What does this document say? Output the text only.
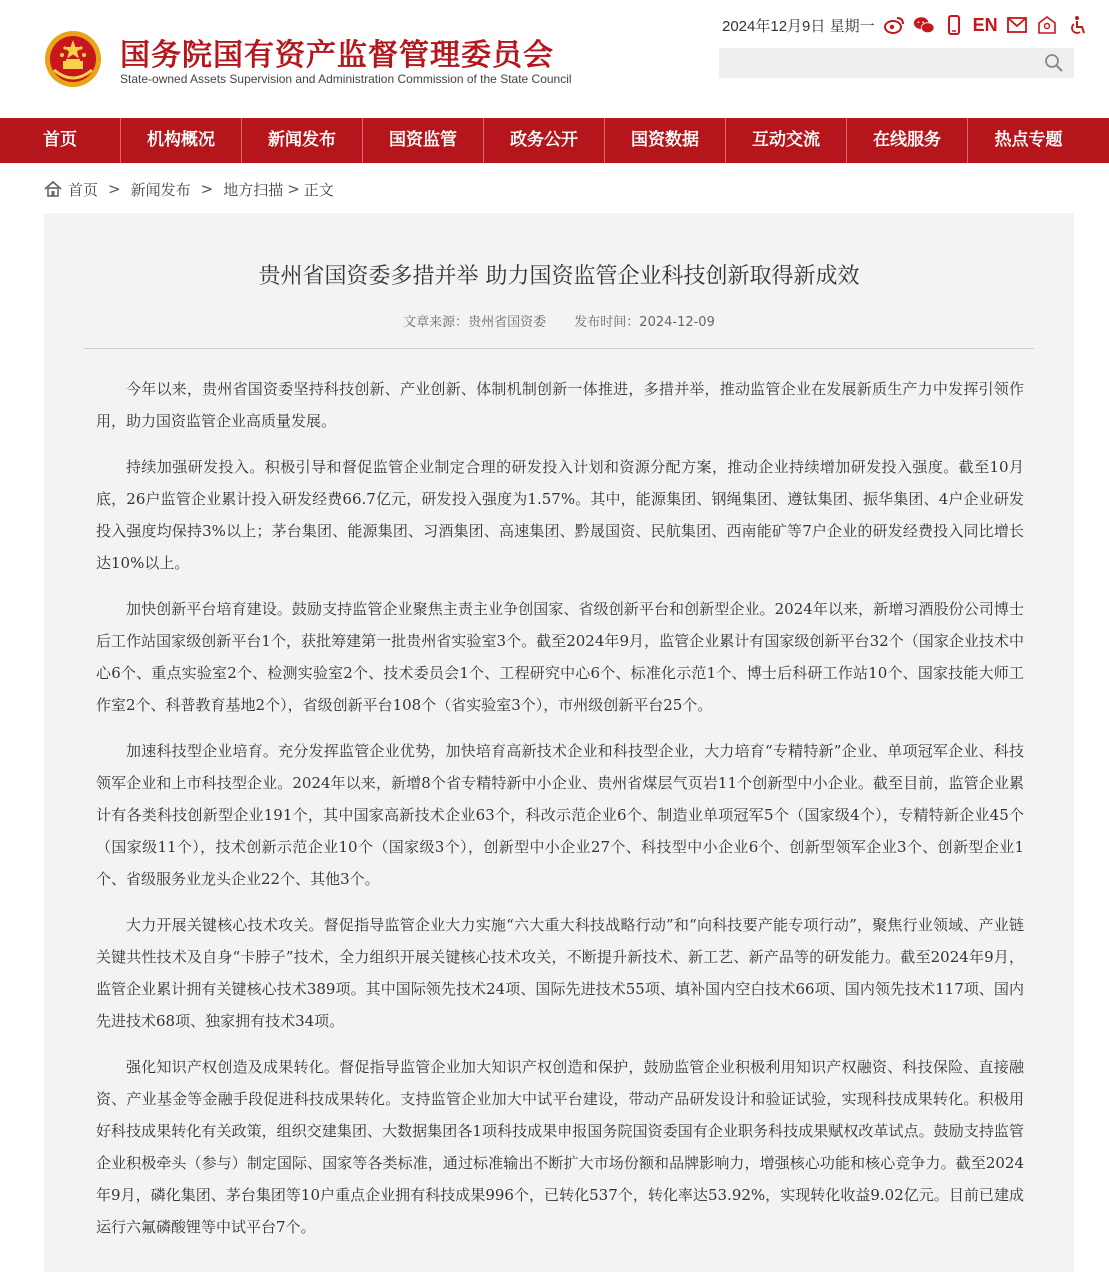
国务院国有资产监督管理委员会
State-owned Assets Supervision and Administration Commission of the State Council
2024年12月9日 星期一	EN
首页	机构概况	新闻发布	国资监管	政务公开	国资数据	互动交流	在线服务	热点专题
首页 > 新闻发布 > 地方扫描 > 正文
贵州省国资委多措并举 助力国资监管企业科技创新取得新成效
文章来源：贵州省国资委 发布时间：2024-12-09

今年以来，贵州省国资委坚持科技创新、产业创新、体制机制创新一体推进，多措并举，推动监管企业在发展新质生产力中发挥引领作用，助力国资监管企业高质量发展。

持续加强研发投入。积极引导和督促监管企业制定合理的研发投入计划和资源分配方案，推动企业持续增加研发投入强度。截至10月底，26户监管企业累计投入研发经费66.7亿元，研发投入强度为1.57%。其中，能源集团、钢绳集团、遵钛集团、振华集团、4户企业研发投入强度均保持3%以上；茅台集团、能源集团、习酒集团、高速集团、黔晟国资、民航集团、西南能矿等7户企业的研发经费投入同比增长达10%以上。

加快创新平台培育建设。鼓励支持监管企业聚焦主责主业争创国家、省级创新平台和创新型企业。2024年以来，新增习酒股份公司博士后工作站国家级创新平台1个，获批筹建第一批贵州省实验室3个。截至2024年9月，监管企业累计有国家级创新平台32个（国家企业技术中心6个、重点实验室2个、检测实验室2个、技术委员会1个、工程研究中心6个、标准化示范1个、博士后科研工作站10个、国家技能大师工作室2个、科普教育基地2个），省级创新平台108个（省实验室3个），市州级创新平台25个。

加速科技型企业培育。充分发挥监管企业优势，加快培育高新技术企业和科技型企业，大力培育“专精特新”企业、单项冠军企业、科技领军企业和上市科技型企业。2024年以来，新增8个省专精特新中小企业、贵州省煤层气页岩11个创新型中小企业。截至目前，监管企业累计有各类科技创新型企业191个，其中国家高新技术企业63个，科改示范企业6个、制造业单项冠军5个（国家级4个），专精特新企业45个（国家级11个），技术创新示范企业10个（国家级3个），创新型中小企业27个、科技型中小企业6个、创新型领军企业3个、创新型企业1个、省级服务业龙头企业22个、其他3个。

大力开展关键核心技术攻关。督促指导监管企业大力实施“六大重大科技战略行动”和“向科技要产能专项行动”，聚焦行业领域、产业链关键共性技术及自身“卡脖子”技术，全力组织开展关键核心技术攻关，不断提升新技术、新工艺、新产品等的研发能力。截至2024年9月，监管企业累计拥有关键核心技术389项。其中国际领先技术24项、国际先进技术55项、填补国内空白技术66项、国内领先技术117项、国内先进技术68项、独家拥有技术34项。

强化知识产权创造及成果转化。督促指导监管企业加大知识产权创造和保护，鼓励监管企业积极利用知识产权融资、科技保险、直接融资、产业基金等金融手段促进科技成果转化。支持监管企业加大中试平台建设，带动产品研发设计和验证试验，实现科技成果转化。积极用好科技成果转化有关政策，组织交建集团、大数据集团各1项科技成果申报国务院国资委国有企业职务科技成果赋权改革试点。鼓励支持监管企业积极牵头（参与）制定国际、国家等各类标准，通过标准输出不断扩大市场份额和品牌影响力，增强核心功能和核心竞争力。截至2024年9月，磷化集团、茅台集团等10户重点企业拥有科技成果996个，已转化537个，转化率达53.92%，实现转化收益9.02亿元。目前已建成运行六氟磷酸锂等中试平台7个。
